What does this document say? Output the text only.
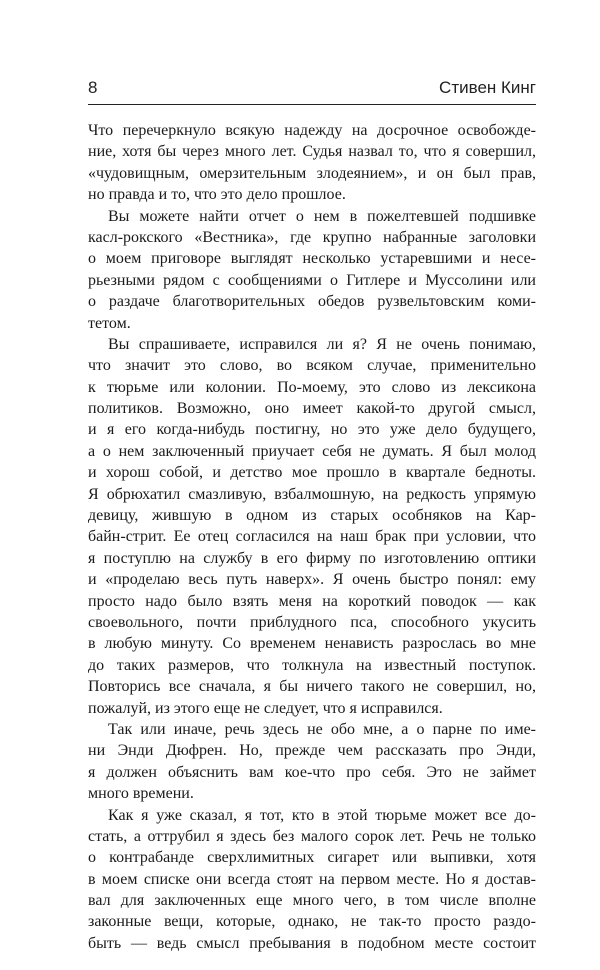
8	Стивен Кинг
Что перечеркнуло всякую надежду на досрочное освобожде-
ние, хотя бы через много лет. Судья назвал то, что я совершил,
«чудовищным, омерзительным злодеянием», и он был прав,
но правда и то, что это дело прошлое.
Вы можете найти отчет о нем в пожелтевшей подшивке
касл-рокского «Вестника», где крупно набранные заголовки
о моем приговоре выглядят несколько устаревшими и несе-
рьезными рядом с сообщениями о Гитлере и Муссолини или
о раздаче благотворительных обедов рузвельтовским коми-
тетом.
Вы спрашиваете, исправился ли я? Я не очень понимаю,
что значит это слово, во всяком случае, применительно
к тюрьме или колонии. По-моему, это слово из лексикона
политиков. Возможно, оно имеет какой-то другой смысл,
и я его когда-нибудь постигну, но это уже дело будущего,
а о нем заключенный приучает себя не думать. Я был молод
и хорош собой, и детство мое прошло в квартале бедноты.
Я обрюхатил смазливую, взбалмошную, на редкость упрямую
девицу, жившую в одном из старых особняков на Кар-
байн-стрит. Ее отец согласился на наш брак при условии, что
я поступлю на службу в его фирму по изготовлению оптики
и «проделаю весь путь наверх». Я очень быстро понял: ему
просто надо было взять меня на короткий поводок — как
своевольного, почти приблудного пса, способного укусить
в любую минуту. Со временем ненависть разрослась во мне
до таких размеров, что толкнула на известный поступок.
Повторись все сначала, я бы ничего такого не совершил, но,
пожалуй, из этого еще не следует, что я исправился.
Так или иначе, речь здесь не обо мне, а о парне по име-
ни Энди Дюфрен. Но, прежде чем рассказать про Энди,
я должен объяснить вам кое-что про себя. Это не займет
много времени.
Как я уже сказал, я тот, кто в этой тюрьме может все до-
стать, а оттрубил я здесь без малого сорок лет. Речь не только
о контрабанде сверхлимитных сигарет или выпивки, хотя
в моем списке они всегда стоят на первом месте. Но я достав-
вал для заключенных еще много чего, в том числе вполне
законные вещи, которые, однако, не так-то просто раздо-
быть — ведь смысл пребывания в подобном месте состоит
